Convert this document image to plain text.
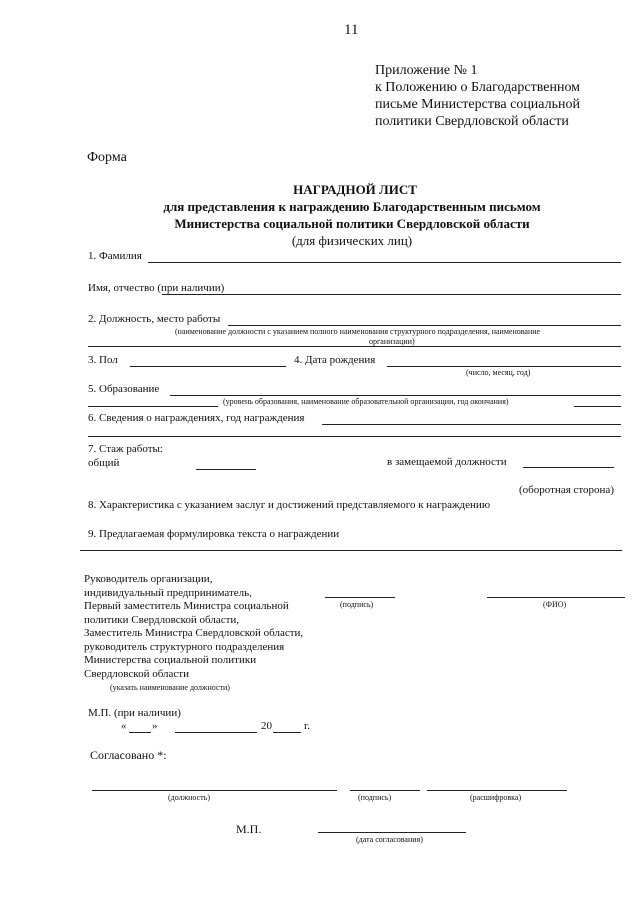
11
Приложение № 1
к Положению о Благодарственном
письме Министерства социальной
политики Свердловской области
Форма
НАГРАДНОЙ ЛИСТ
для представления к награждению Благодарственным письмом
Министерства социальной политики Свердловской области
(для физических лиц)
1. Фамилия
Имя, отчество (при наличии)
2. Должность, место работы
(наименование должности с указанием полного наименования структурного подразделения, наименование
организации)
3. Пол	4. Дата рождения
(число, месяц, год)
5. Образование
(уровень образования, наименование образовательной организации, год окончания)
6. Сведения о награждениях, год награждения
7. Стаж работы:
общий	в замещаемой должности
(оборотная сторона)
8. Характеристика с указанием заслуг и достижений представляемого к награждению
9. Предлагаемая формулировка текста о награждении
Руководитель организации,
индивидуальный предприниматель,
Первый заместитель Министра социальной
политики Свердловской области,
Заместитель Министра Свердловской области,
руководитель структурного подразделения
Министерства социальной политики
Свердловской области
(указать наименование должности)
(подпись)	(ФИО)
М.П. (при наличии)
« »	20	г.
Согласовано *:
(должность)	(подпись)	(расшифровка)
М.П.
(дата согласования)
